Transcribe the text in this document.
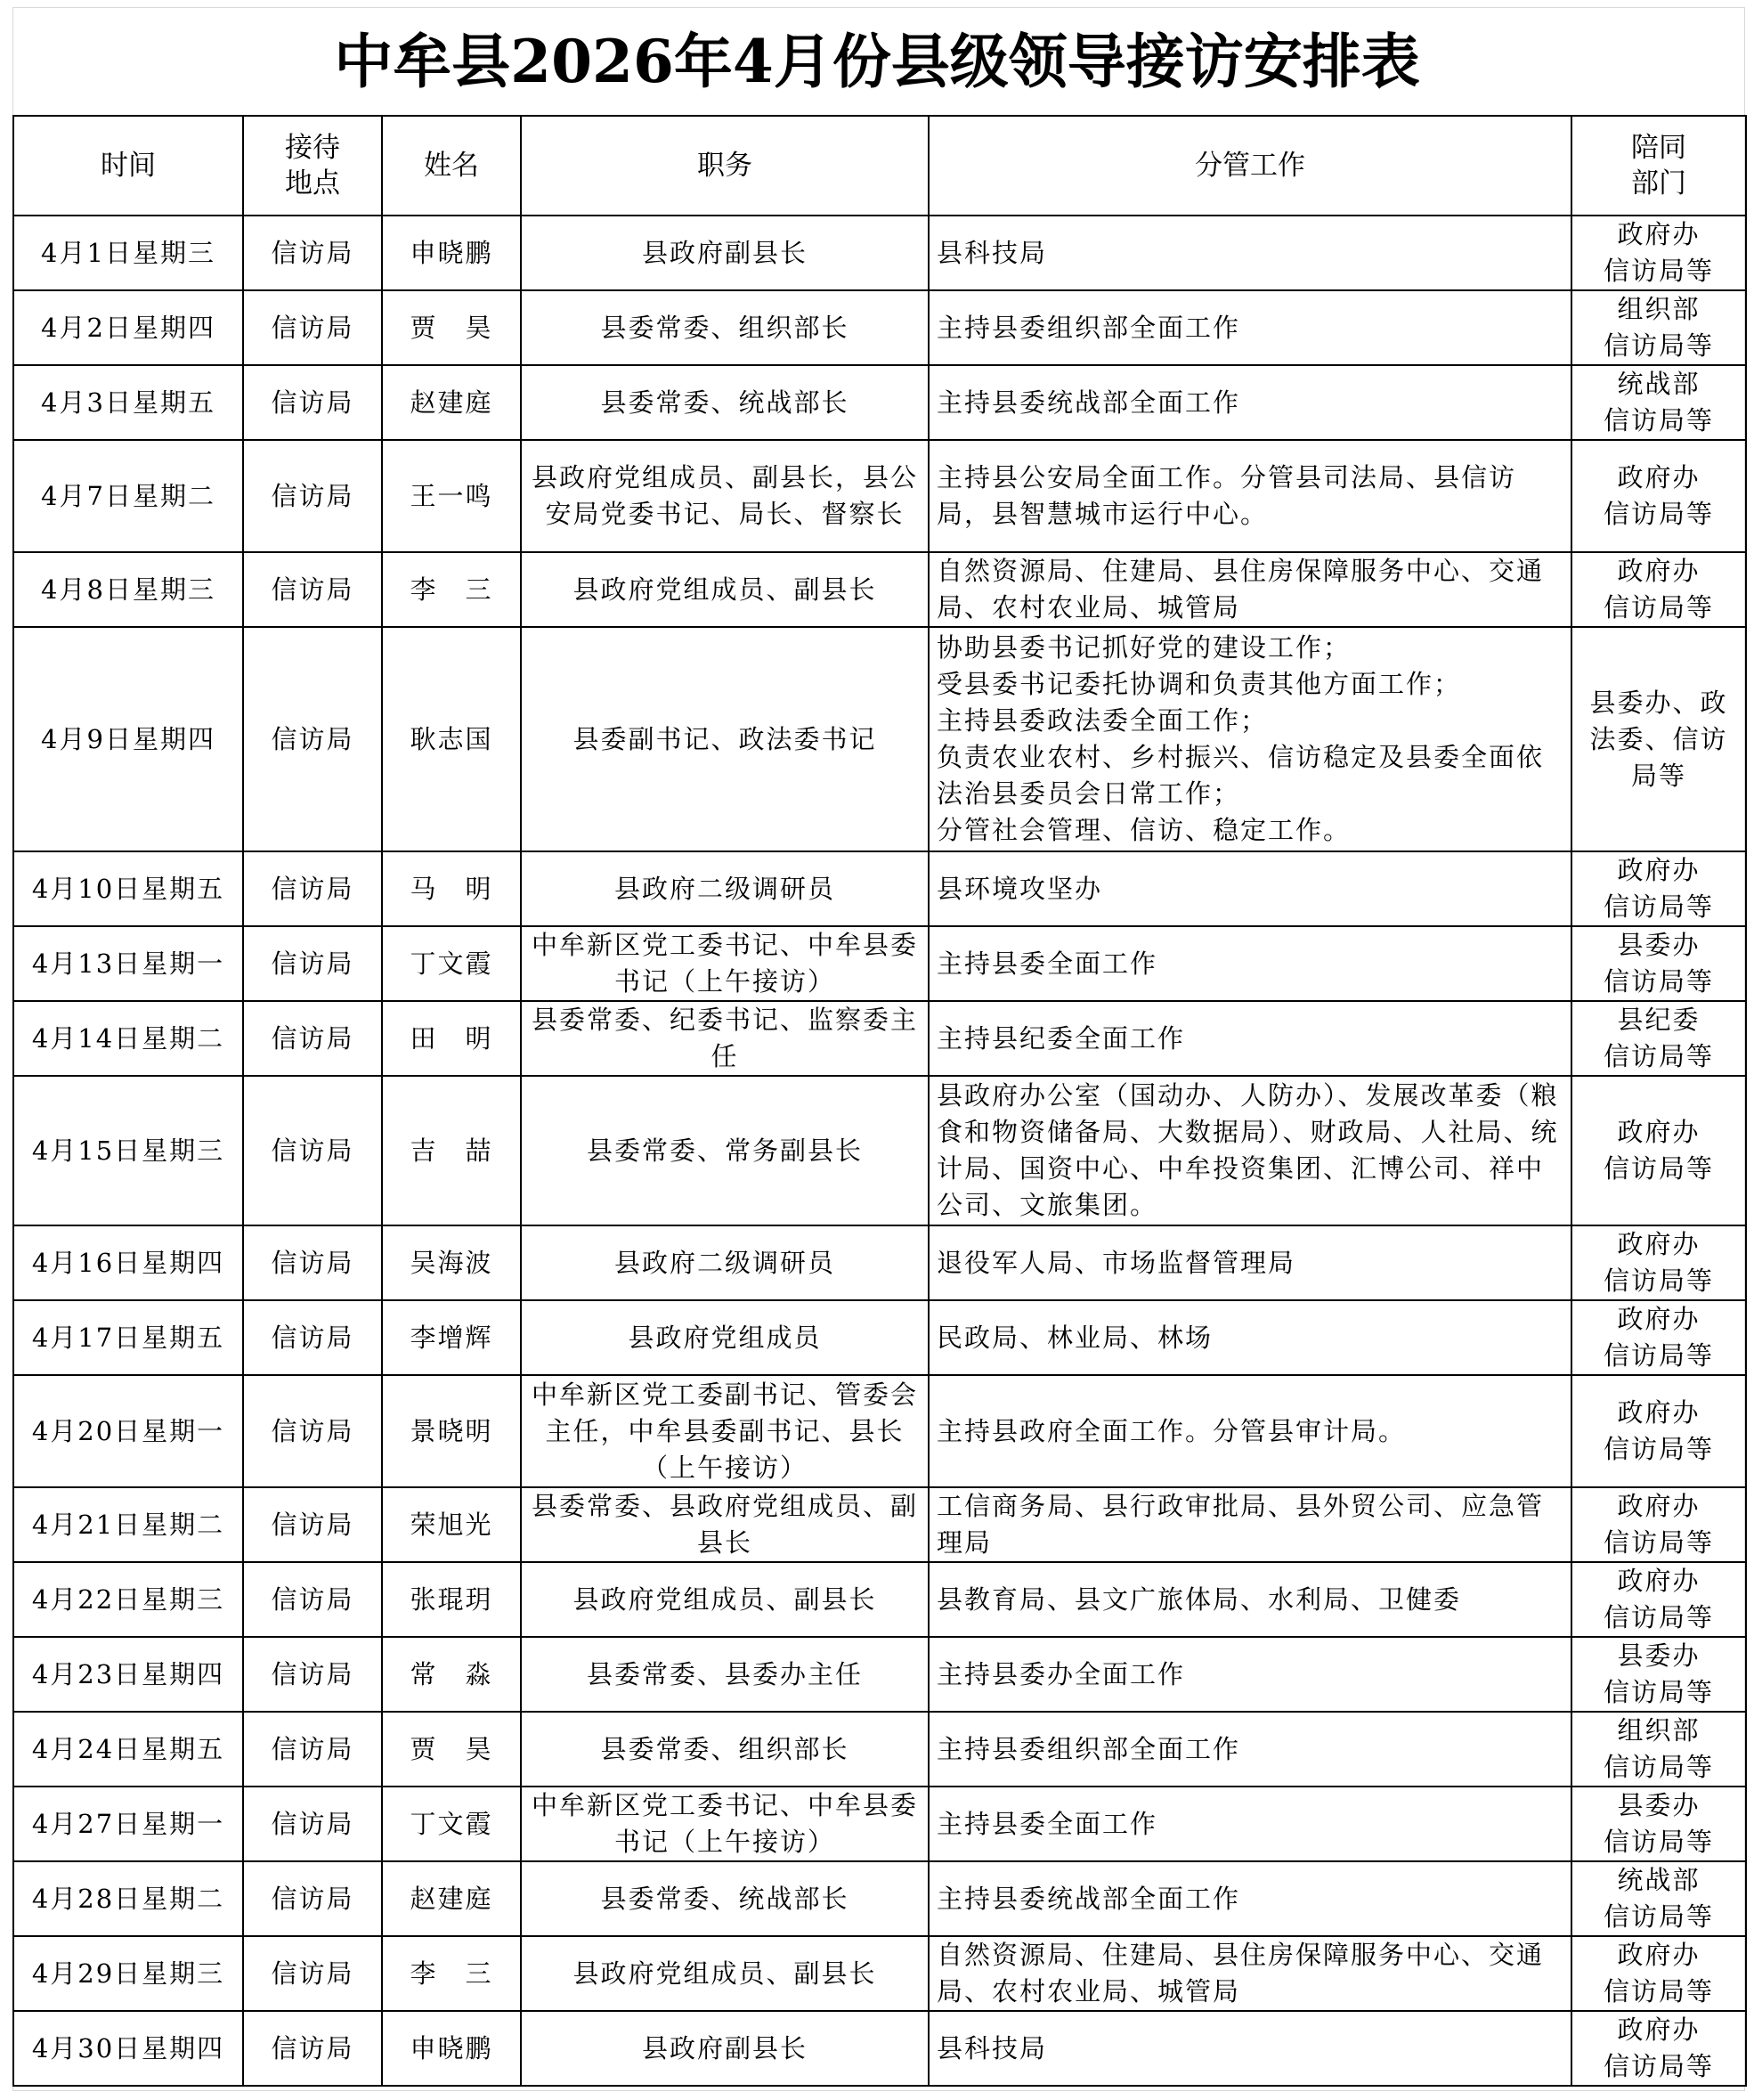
中牟县2026年4月份县级领导接访安排表
时间	接待
地点	姓名	职务	分管工作	陪同
部门
4月1日星期三	信访局	申晓鹏	县政府副县长	县科技局	政府办
信访局等
4月2日星期四	信访局	贾　昊	县委常委、组织部长	主持县委组织部全面工作	组织部
信访局等
4月3日星期五	信访局	赵建庭	县委常委、统战部长	主持县委统战部全面工作	统战部
信访局等
4月7日星期二	信访局	王一鸣	县政府党组成员、副县长，县公安局党委书记、局长、督察长	主持县公安局全面工作。分管县司法局、县信访局，县智慧城市运行中心。	政府办
信访局等
4月8日星期三	信访局	李　三	县政府党组成员、副县长	自然资源局、住建局、县住房保障服务中心、交通局、农村农业局、城管局	政府办
信访局等
4月9日星期四	信访局	耿志国	县委副书记、政法委书记	协助县委书记抓好党的建设工作；
受县委书记委托协调和负责其他方面工作；
主持县委政法委全面工作；
负责农业农村、乡村振兴、信访稳定及县委全面依法治县委员会日常工作；
分管社会管理、信访、稳定工作。	县委办、政法委、信访局等
4月10日星期五	信访局	马　明	县政府二级调研员	县环境攻坚办	政府办
信访局等
4月13日星期一	信访局	丁文霞	中牟新区党工委书记、中牟县委书记（上午接访）	主持县委全面工作	县委办
信访局等
4月14日星期二	信访局	田　明	县委常委、纪委书记、监察委主任	主持县纪委全面工作	县纪委
信访局等
4月15日星期三	信访局	吉　喆	县委常委、常务副县长	县政府办公室（国动办、人防办）、发展改革委（粮食和物资储备局、大数据局）、财政局、人社局、统计局、国资中心、中牟投资集团、汇博公司、祥中公司、文旅集团。	政府办
信访局等
4月16日星期四	信访局	吴海波	县政府二级调研员	退役军人局、市场监督管理局	政府办
信访局等
4月17日星期五	信访局	李增辉	县政府党组成员	民政局、林业局、林场	政府办
信访局等
4月20日星期一	信访局	景晓明	中牟新区党工委副书记、管委会主任，中牟县委副书记、县长（上午接访）	主持县政府全面工作。分管县审计局。	政府办
信访局等
4月21日星期二	信访局	荣旭光	县委常委、县政府党组成员、副县长	工信商务局、县行政审批局、县外贸公司、应急管理局	政府办
信访局等
4月22日星期三	信访局	张琨玥	县政府党组成员、副县长	县教育局、县文广旅体局、水利局、卫健委	政府办
信访局等
4月23日星期四	信访局	常　淼	县委常委、县委办主任	主持县委办全面工作	县委办
信访局等
4月24日星期五	信访局	贾　昊	县委常委、组织部长	主持县委组织部全面工作	组织部
信访局等
4月27日星期一	信访局	丁文霞	中牟新区党工委书记、中牟县委书记（上午接访）	主持县委全面工作	县委办
信访局等
4月28日星期二	信访局	赵建庭	县委常委、统战部长	主持县委统战部全面工作	统战部
信访局等
4月29日星期三	信访局	李　三	县政府党组成员、副县长	自然资源局、住建局、县住房保障服务中心、交通局、农村农业局、城管局	政府办
信访局等
4月30日星期四	信访局	申晓鹏	县政府副县长	县科技局	政府办
信访局等
